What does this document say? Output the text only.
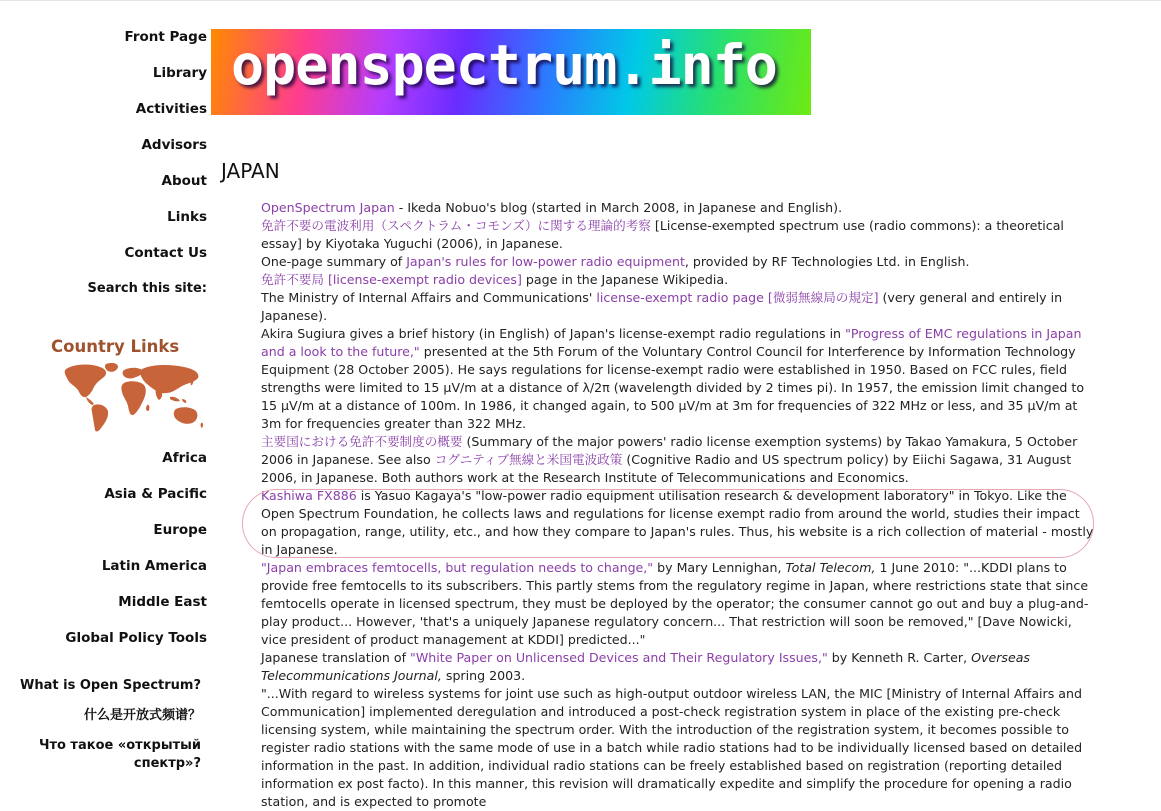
Front Page
Library
Activities
Advisors
About
Links
Contact Us
Search this site:
Country Links
Africa
Asia & Pacific
Europe
Latin America
Middle East
Global Policy Tools
What is Open Spectrum?
什么是开放式频谱？
Что такое «открытый спектр»?
openspectrum.info
JAPAN

OpenSpectrum Japan - Ikeda Nobuo's blog (started in March 2008, in Japanese and English).

免許不要の電波利用（スペクトラム・コモンズ）に関する理論的考察 [License-exempted spectrum use (radio commons): a theoretical essay] by Kiyotaka Yuguchi (2006), in Japanese.

One-page summary of Japan's rules for low-power radio equipment, provided by RF Technologies Ltd. in English.

免許不要局 [license-exempt radio devices] page in the Japanese Wikipedia.

The Ministry of Internal Affairs and Communications' license-exempt radio page [微弱無線局の規定] (very general and entirely in Japanese).

Akira Sugiura gives a brief history (in English) of Japan's license-exempt radio regulations in "Progress of EMC regulations in Japan and a look to the future," presented at the 5th Forum of the Voluntary Control Council for Interference by Information Technology Equipment (28 October 2005). He says regulations for license-exempt radio were established in 1950. Based on FCC rules, field strengths were limited to 15 μV/m at a distance of λ/2π (wavelength divided by 2 times pi). In 1957, the emission limit changed to 15 μV/m at a distance of 100m. In 1986, it changed again, to 500 μV/m at 3m for frequencies of 322 MHz or less, and 35 μV/m at 3m for frequencies greater than 322 MHz.

主要国における免許不要制度の概要 (Summary of the major powers' radio license exemption systems) by Takao Yamakura, 5 October 2006 in Japanese. See also コグニティブ無線と米国電波政策 (Cognitive Radio and US spectrum policy) by Eiichi Sagawa, 31 August 2006, in Japanese. Both authors work at the Research Institute of Telecommunications and Economics.

Kashiwa FX886 is Yasuo Kagaya's "low-power radio equipment utilisation research & development laboratory" in Tokyo. Like the Open Spectrum Foundation, he collects laws and regulations for license exempt radio from around the world, studies their impact on propagation, range, utility, etc., and how they compare to Japan's rules. Thus, his website is a rich collection of material - mostly in Japanese.

"Japan embraces femtocells, but regulation needs to change," by Mary Lennighan, Total Telecom, 1 June 2010: "...KDDI plans to provide free femtocells to its subscribers. This partly stems from the regulatory regime in Japan, where restrictions state that since femtocells operate in licensed spectrum, they must be deployed by the operator; the consumer cannot go out and buy a plug-and-play product... However, 'that's a uniquely Japanese regulatory concern... That restriction will soon be removed," [Dave Nowicki, vice president of product management at KDDI] predicted..."

Japanese translation of "White Paper on Unlicensed Devices and Their Regulatory Issues," by Kenneth R. Carter, Overseas Telecommunications Journal, spring 2003.

"...With regard to wireless systems for joint use such as high-output outdoor wireless LAN, the MIC [Ministry of Internal Affairs and Communication] implemented deregulation and introduced a post-check registration system in place of the existing pre-check licensing system, while maintaining the spectrum order. With the introduction of the registration system, it becomes possible to register radio stations with the same mode of use in a batch while radio stations had to be individually licensed based on detailed information in the past. In addition, individual radio stations can be freely established based on registration (reporting detailed information ex post facto). In this manner, this revision will dramatically expedite and simplify the procedure for opening a radio station, and is expected to promote
